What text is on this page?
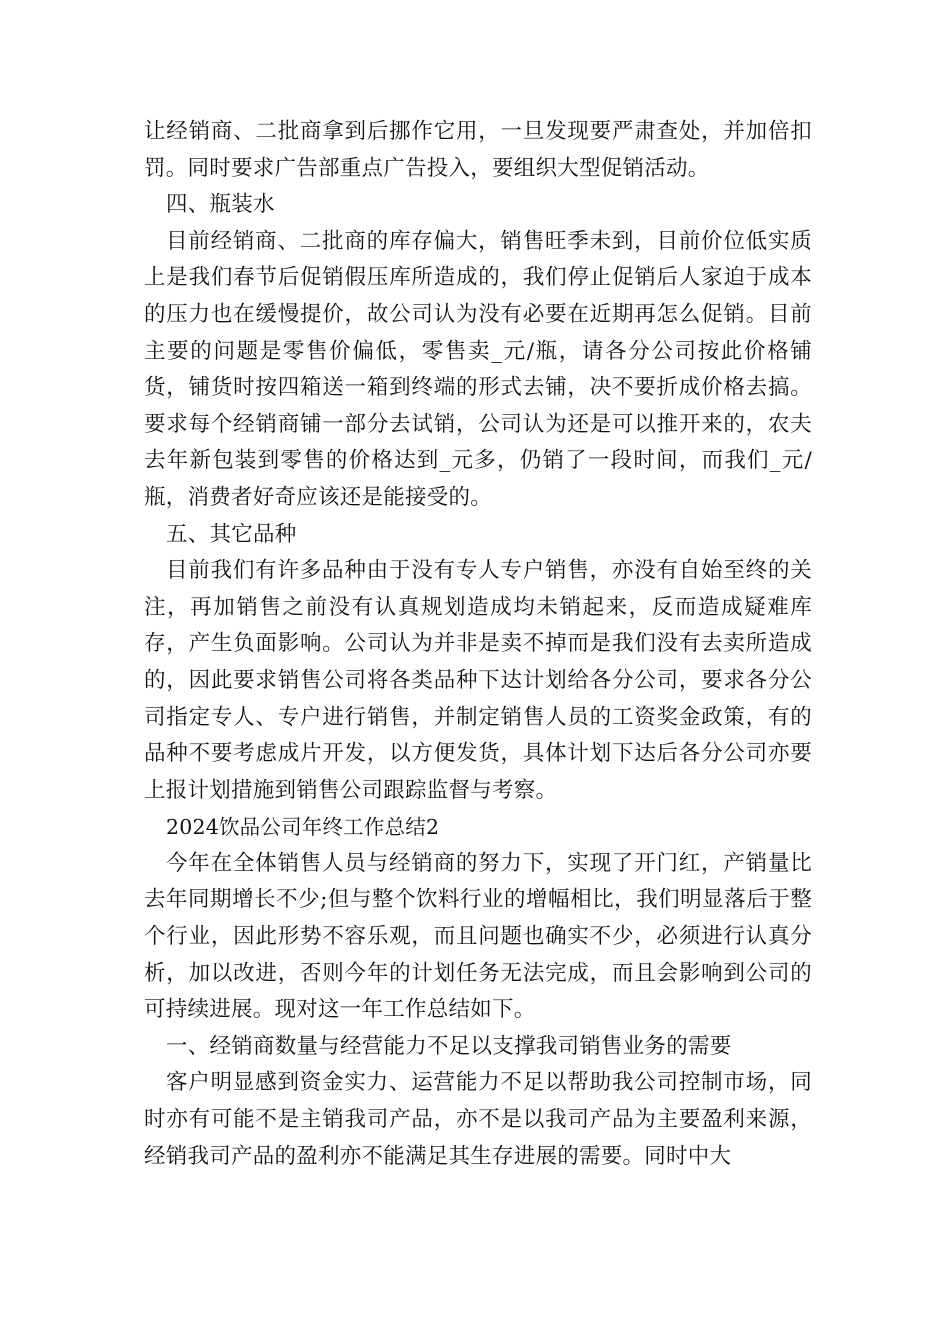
让经销商、二批商拿到后挪作它用，一旦发现要严肃查处，并加倍扣罚。同时要求广告部重点广告投入，要组织大型促销活动。

四、瓶装水

目前经销商、二批商的库存偏大，销售旺季未到，目前价位低实质上是我们春节后促销假压库所造成的，我们停止促销后人家迫于成本的压力也在缓慢提价，故公司认为没有必要在近期再怎么促销。目前主要的问题是零售价偏低，零售卖_元/瓶，请各分公司按此价格铺货，铺货时按四箱送一箱到终端的形式去铺，决不要折成价格去搞。要求每个经销商铺一部分去试销，公司认为还是可以推开来的，农夫去年新包装到零售的价格达到_元多，仍销了一段时间，而我们_元/瓶，消费者好奇应该还是能接受的。

五、其它品种

目前我们有许多品种由于没有专人专户销售，亦没有自始至终的关注，再加销售之前没有认真规划造成均未销起来，反而造成疑难库存，产生负面影响。公司认为并非是卖不掉而是我们没有去卖所造成的，因此要求销售公司将各类品种下达计划给各分公司，要求各分公司指定专人、专户进行销售，并制定销售人员的工资奖金政策，有的品种不要考虑成片开发，以方便发货，具体计划下达后各分公司亦要上报计划措施到销售公司跟踪监督与考察。

2024饮品公司年终工作总结2

今年在全体销售人员与经销商的努力下，实现了开门红，产销量比去年同期增长不少;但与整个饮料行业的增幅相比，我们明显落后于整个行业，因此形势不容乐观，而且问题也确实不少，必须进行认真分析，加以改进，否则今年的计划任务无法完成，而且会影响到公司的可持续进展。现对这一年工作总结如下。

一、经销商数量与经营能力不足以支撑我司销售业务的需要

客户明显感到资金实力、运营能力不足以帮助我公司控制市场，同时亦有可能不是主销我司产品，亦不是以我司产品为主要盈利来源，经销我司产品的盈利亦不能满足其生存进展的需要。同时中大
